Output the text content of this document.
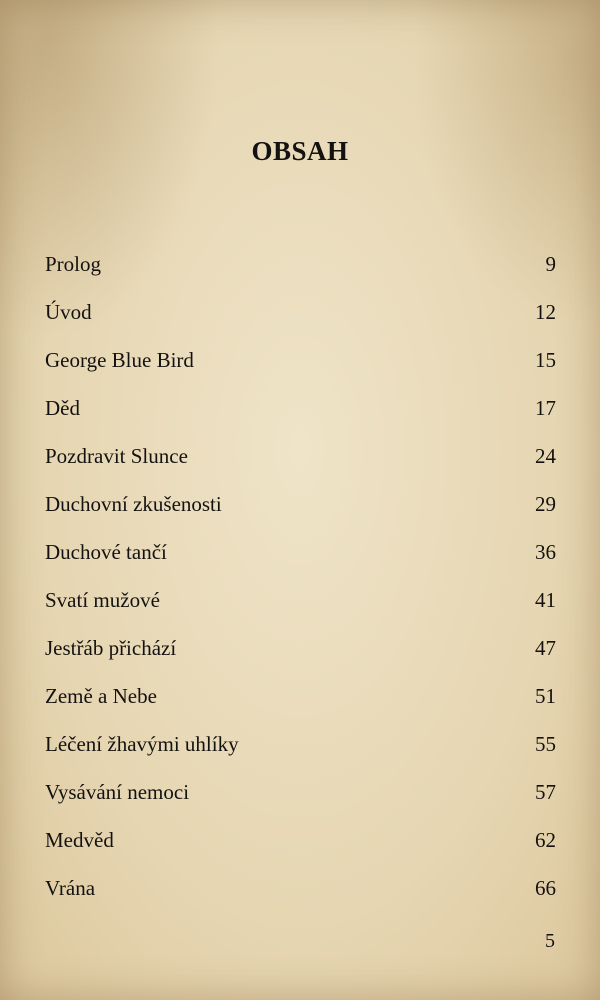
OBSAH
Prolog	9
Úvod	12
George Blue Bird	15
Děd	17
Pozdravit Slunce	24
Duchovní zkušenosti	29
Duchové tančí	36
Svatí mužové	41
Jestřáb přichází	47
Země a Nebe	51
Léčení žhavými uhlíky	55
Vysávání nemoci	57
Medvěd	62
Vrána	66
5
